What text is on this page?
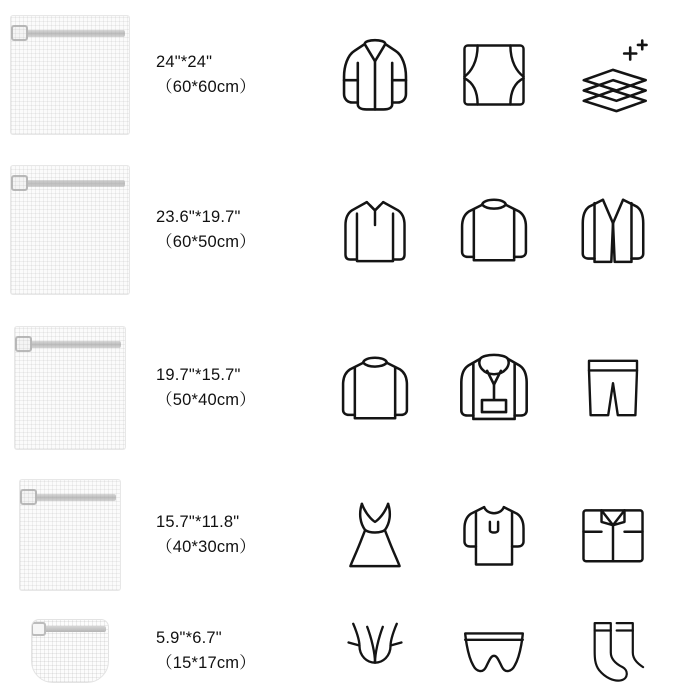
24"*24"
（60*60cm）
23.6"*19.7"
（60*50cm）
19.7"*15.7"
（50*40cm）
15.7"*11.8"
（40*30cm）
5.9"*6.7"
（15*17cm）
